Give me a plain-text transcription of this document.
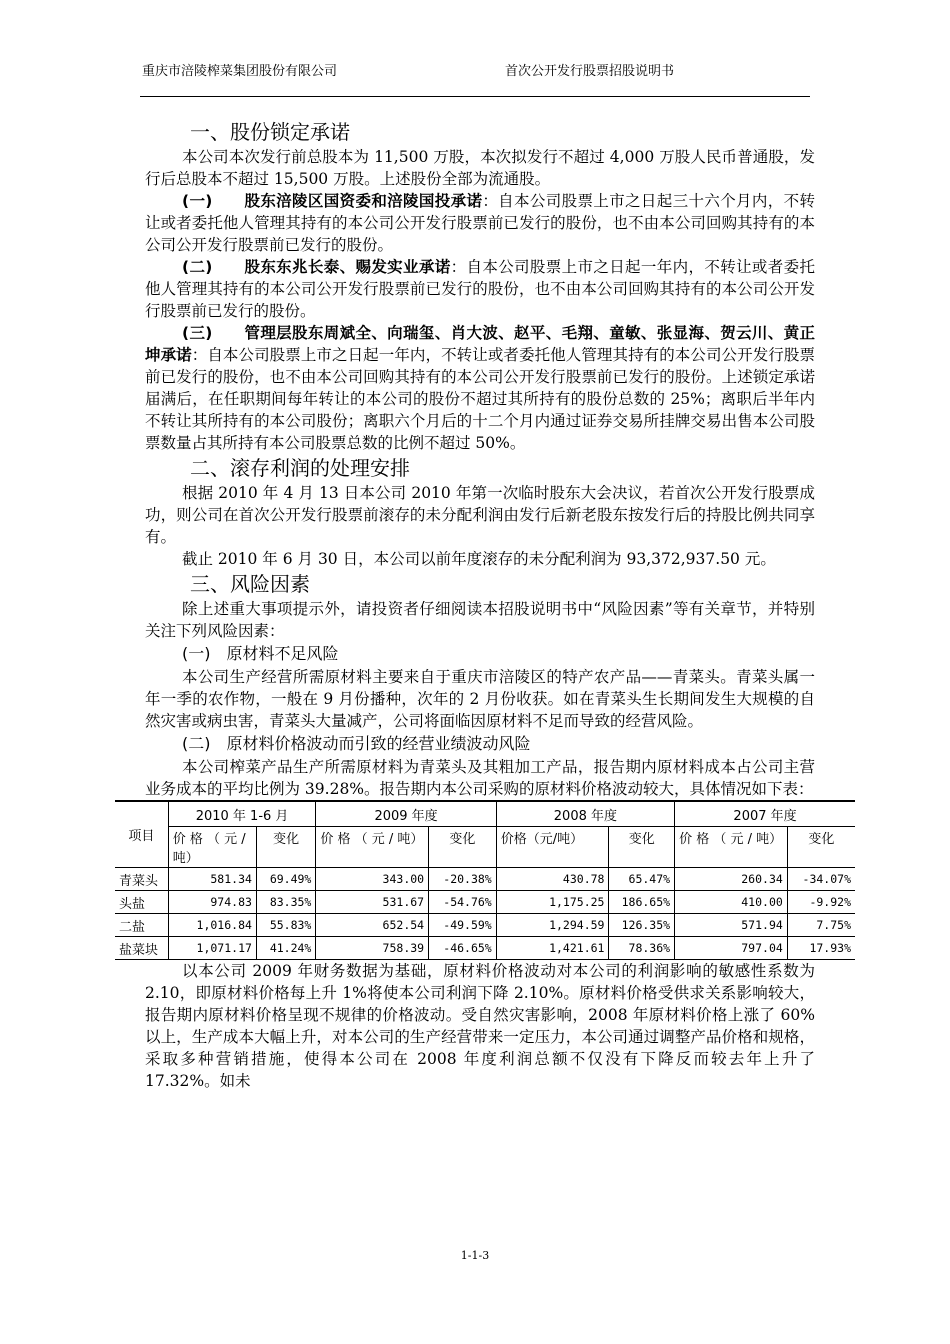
重庆市涪陵榨菜集团股份有限公司	首次公开发行股票招股说明书
一、股份锁定承诺

本公司本次发行前总股本为 11,500 万股，本次拟发行不超过 4,000 万股人民币普通股，发行后总股本不超过 15,500 万股。上述股份全部为流通股。

(一)　　股东涪陵区国资委和涪陵国投承诺：自本公司股票上市之日起三十六个月内，不转让或者委托他人管理其持有的本公司公开发行股票前已发行的股份，也不由本公司回购其持有的本公司公开发行股票前已发行的股份。

(二)　　股东东兆长泰、赐发实业承诺：自本公司股票上市之日起一年内，不转让或者委托他人管理其持有的本公司公开发行股票前已发行的股份，也不由本公司回购其持有的本公司公开发行股票前已发行的股份。

(三)　　管理层股东周斌全、向瑞玺、肖大波、赵平、毛翔、童敏、张显海、贺云川、黄正坤承诺：自本公司股票上市之日起一年内，不转让或者委托他人管理其持有的本公司公开发行股票前已发行的股份，也不由本公司回购其持有的本公司公开发行股票前已发行的股份。上述锁定承诺届满后，在任职期间每年转让的本公司的股份不超过其所持有的股份总数的 25%；离职后半年内不转让其所持有的本公司股份；离职六个月后的十二个月内通过证券交易所挂牌交易出售本公司股票数量占其所持有本公司股票总数的比例不超过 50%。

二、滚存利润的处理安排

根据 2010 年 4 月 13 日本公司 2010 年第一次临时股东大会决议，若首次公开发行股票成功，则公司在首次公开发行股票前滚存的未分配利润由发行后新老股东按发行后的持股比例共同享有。

截止 2010 年 6 月 30 日，本公司以前年度滚存的未分配利润为 93,372,937.50 元。

三、风险因素

除上述重大事项提示外，请投资者仔细阅读本招股说明书中“风险因素”等有关章节，并特别关注下列风险因素：

(一)　原材料不足风险

本公司生产经营所需原材料主要来自于重庆市涪陵区的特产农产品——青菜头。青菜头属一年一季的农作物，一般在 9 月份播种，次年的 2 月份收获。如在青菜头生长期间发生大规模的自然灾害或病虫害，青菜头大量减产，公司将面临因原材料不足而导致的经营风险。

(二)　原材料价格波动而引致的经营业绩波动风险

本公司榨菜产品生产所需原材料为青菜头及其粗加工产品，报告期内原材料成本占公司主营业务成本的平均比例为 39.28%。报告期内本公司采购的原材料价格波动较大，具体情况如下表：

项目	2010 年 1-6 月		2009 年度		2008 年度		2007 年度	
	价 格 （ 元 / 吨）	变化	价 格 （ 元 / 吨）	变化	价格（元/吨）	变化	价 格 （ 元 / 吨）	变化
青菜头	581.34	69.49%	343.00	-20.38%	430.78	65.47%	260.34	-34.07%
头盐	974.83	83.35%	531.67	-54.76%	1,175.25	186.65%	410.00	-9.92%
二盐	1,016.84	55.83%	652.54	-49.59%	1,294.59	126.35%	571.94	7.75%
盐菜块	1,071.17	41.24%	758.39	-46.65%	1,421.61	78.36%	797.04	17.93%

以本公司 2009 年财务数据为基础，原材料价格波动对本公司的利润影响的敏感性系数为 2.10，即原材料价格每上升 1%将使本公司利润下降 2.10%。原材料价格受供求关系影响较大，报告期内原材料价格呈现不规律的价格波动。受自然灾害影响，2008 年原材料价格上涨了 60%以上，生产成本大幅上升，对本公司的生产经营带来一定压力，本公司通过调整产品价格和规格，采取多种营销措施，使得本公司在 2008 年度利润总额不仅没有下降反而较去年上升了 17.32%。如未

1-1-3
